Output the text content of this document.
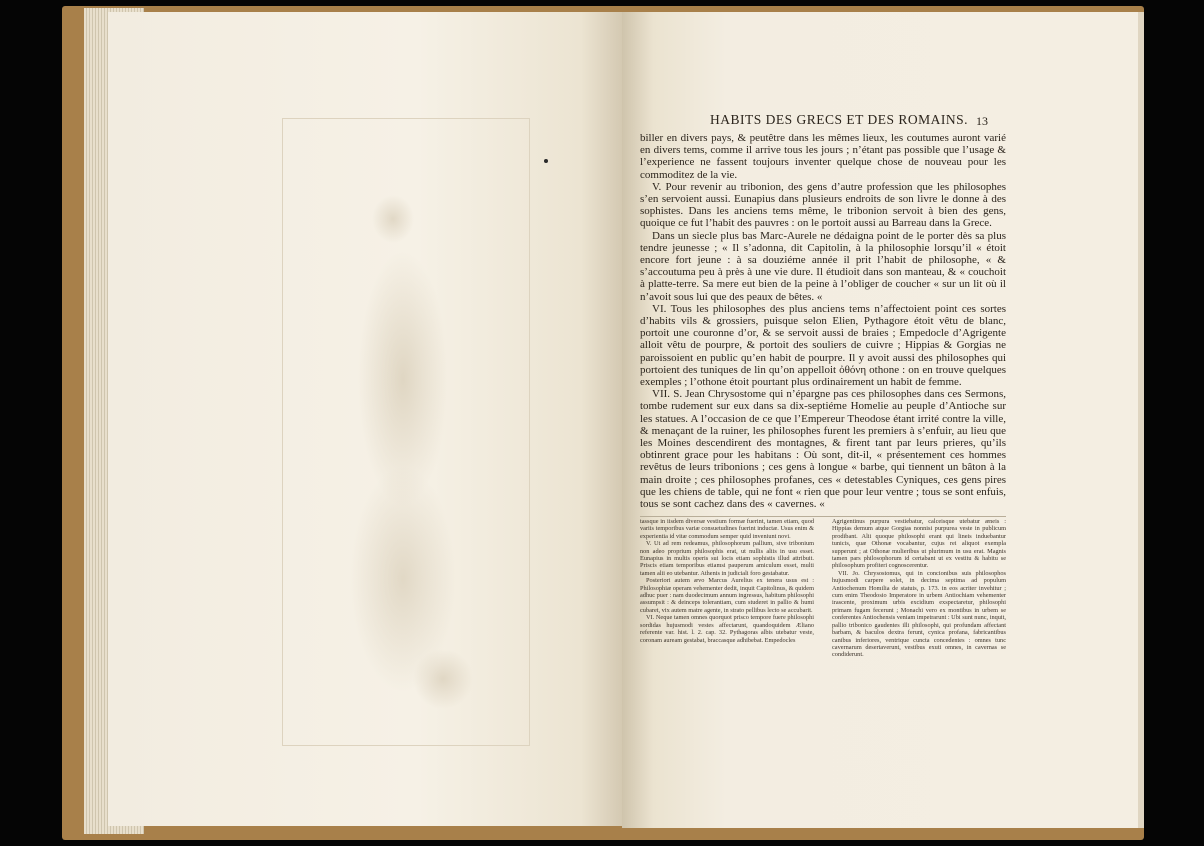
HABITS DES GRECS ET DES ROMAINS. 13

biller en divers pays, & peutêtre dans les mêmes lieux, les coutumes auront varié en divers tems, comme il arrive tous les jours ; n’étant pas possible que l’usage & l’experience ne fassent toujours inventer quelque chose de nouveau pour les commoditez de la vie.

V. Pour revenir au tribonion, des gens d’autre profession que les philosophes s’en servoient aussi. Eunapius dans plusieurs endroits de son livre le donne à des sophistes. Dans les anciens tems même, le tribonion servoit à bien des gens, quoique ce fut l’habit des pauvres : on le portoit aussi au Barreau dans la Grece.

Dans un siecle plus bas Marc-Aurele ne dédaigna point de le porter dès sa plus tendre jeunesse ; « Il s’adonna, dit Capitolin, à la philosophie lorsqu’il « étoit encore fort jeune : à sa douziéme année il prit l’habit de philosophe, « & s’accoutuma peu à près à une vie dure. Il étudioit dans son manteau, & « couchoit à platte-terre. Sa mere eut bien de la peine à l’obliger de coucher « sur un lit où il n’avoit sous lui que des peaux de bêtes. «

VI. Tous les philosophes des plus anciens tems n’affectoient point ces sortes d’habits vils & grossiers, puisque selon Elien, Pythagore étoit vêtu de blanc, portoit une couronne d’or, & se servoit aussi de braies ; Empedocle d’Agrigente alloit vêtu de pourpre, & portoit des souliers de cuivre ; Hippias & Gorgias ne paroissoient en public qu’en habit de pourpre. Il y avoit aussi des philosophes qui portoient des tuniques de lin qu’on appelloit ὀθόνη othone : on en trouve quelques exemples ; l’othone étoit pourtant plus ordinairement un habit de femme.

VII. S. Jean Chrysostome qui n’épargne pas ces philosophes dans ces Sermons, tombe rudement sur eux dans sa dix-septiéme Homelie au peuple d’Antioche sur les statues. A l’occasion de ce que l’Empereur Theodose étant irrité contre la ville, & menaçant de la ruiner, les philosophes furent les premiers à s’enfuir, au lieu que les Moines descendirent des montagnes, & firent tant par leurs prieres, qu’ils obtinrent grace pour les habitans : Où sont, dit-il, « présentement ces hommes revêtus de leurs tribonions ; ces gens à longue « barbe, qui tiennent un bâton à la main droite ; ces philosophes profanes, ces « detestables Cyniques, ces gens pires que les chiens de table, qui ne font « rien que pour leur ventre ; tous se sont enfuis, tous se sont cachez dans des « cavernes. «

tassque in iisdem diversæ vestium formæ fuerint, tamen etiam, quod variis temporibus variæ consuetudines fuerint inductæ. Usus enim & experientia id vitæ commodum semper quid inveniunt novi.

V. Ut ad rem redeamus, philosophorum pallium, sive tribonium non adeo proprium philosophis erat, ut nullis aliis in usu esset. Eunapius in multis operis sui locis etiam sophistis illud attribuit. Priscis etiam temporibus etiamsi pauperum amiculum esset, multi tamen alii eo utebantur. Athenis in judiciali foro gestabatur.

Posteriori autem ævo Marcus Aurelius ex tenera usus est : Philosophiæ operam vehementer dedit, inquit Capitolinus, & quidem adhuc puer : nam duodecimum annum ingressus, habitum philosophi assumpsit : & deinceps tolerantiam, cum studeret in pallio & humi cubaret, vix autem matre agente, in strato pellibus lecto se accubarit.

VI. Neque tamen omnes quorquot prisco tempore fuere philosophi sordidas hujusmodi vestes affectarunt, quandoquidem Æliano referente var. hist. l. 2. cap. 32. Pythagoras albis utebatur veste, coronam auream gestabat, braccasque adhibebat. Empedocles

Agrigentinus purpura vestiebatur, calceisque utebatur æneis : Hippias demum atque Gorgias nonnisi purpurea veste in publicum prodibant. Alii quoque philosophi erant qui lineis induebantur tunicis, quæ Othonæ vocabantur, cujus rei aliquot exempla supperunt ; at Othonæ mulieribus ut plurimum in usu erat. Magnis tamen pars philosophorum id certabant ut ex vestitu & habitu se philosophum profiteri cognoscerentur.

VII. Jo. Chrysostomus, qui in concionibus suis philosophos hujusmodi carpere solet, in decima septima ad populum Antiochenum Homilia de statuis, p. 173. in eos acriter invehitur ; cum enim Theodosio Imperatore in urbem Antiochiam vehementer irascente, proximum urbis excidium exspectaretur, philosophi primam fugam fecerunt ; Monachi vero ex montibus in urbem se conferentes Antiochensis veniam impetrarunt : Ubi sunt nunc, inquit, pallio tribonico gaudentes illi philosophi, qui profundam affectant barbam, & baculos dextra ferunt, cynica profana, fabricantibus canibus inferiores, ventrique cuncta concedentes : omnes tunc cavernarum desertaverunt, vestibus exuti omnes, in cavernas se condiderunt.
